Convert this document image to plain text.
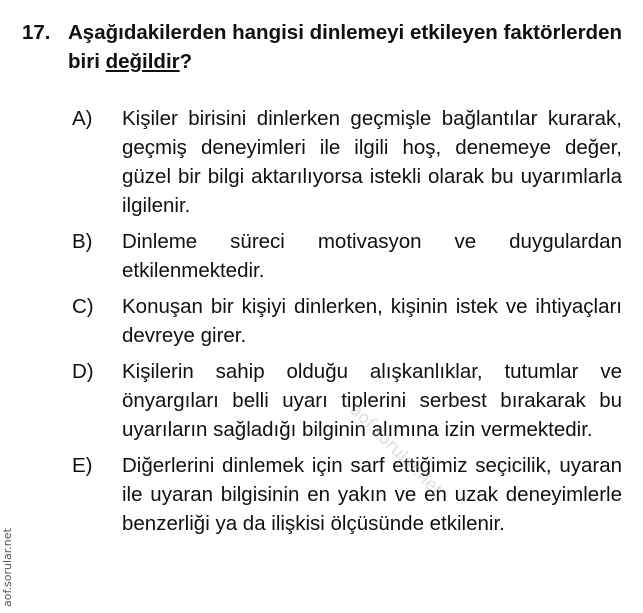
17. Aşağıdakilerden hangisi dinlemeyi etkileyen faktörlerden biri değildir?
A)	Kişiler birisini dinlerken geçmişle bağlantılar kurarak, geçmiş deneyimleri ile ilgili hoş, denemeye değer, güzel bir bilgi aktarılıyorsa istekli olarak bu uyarımlarla ilgilenir.
B)	Dinleme süreci motivasyon ve duygulardan etkilenmektedir.
C)	Konuşan bir kişiyi dinlerken, kişinin istek ve ihtiyaçları devreye girer.
D)	Kişilerin sahip olduğu alışkanlıklar, tutumlar ve önyargıları belli uyarı tiplerini serbest bırakarak bu uyarıların sağladığı bilginin alımına izin vermektedir.
E)	Diğerlerini dinlemek için sarf ettiğimiz seçicilik, uyaran ile uyaran bilgisinin en yakın ve en uzak deneyimlerle benzerliği ya da ilişkisi ölçüsünde etkilenir.
aof.sorular.net
aof.sorular.net
